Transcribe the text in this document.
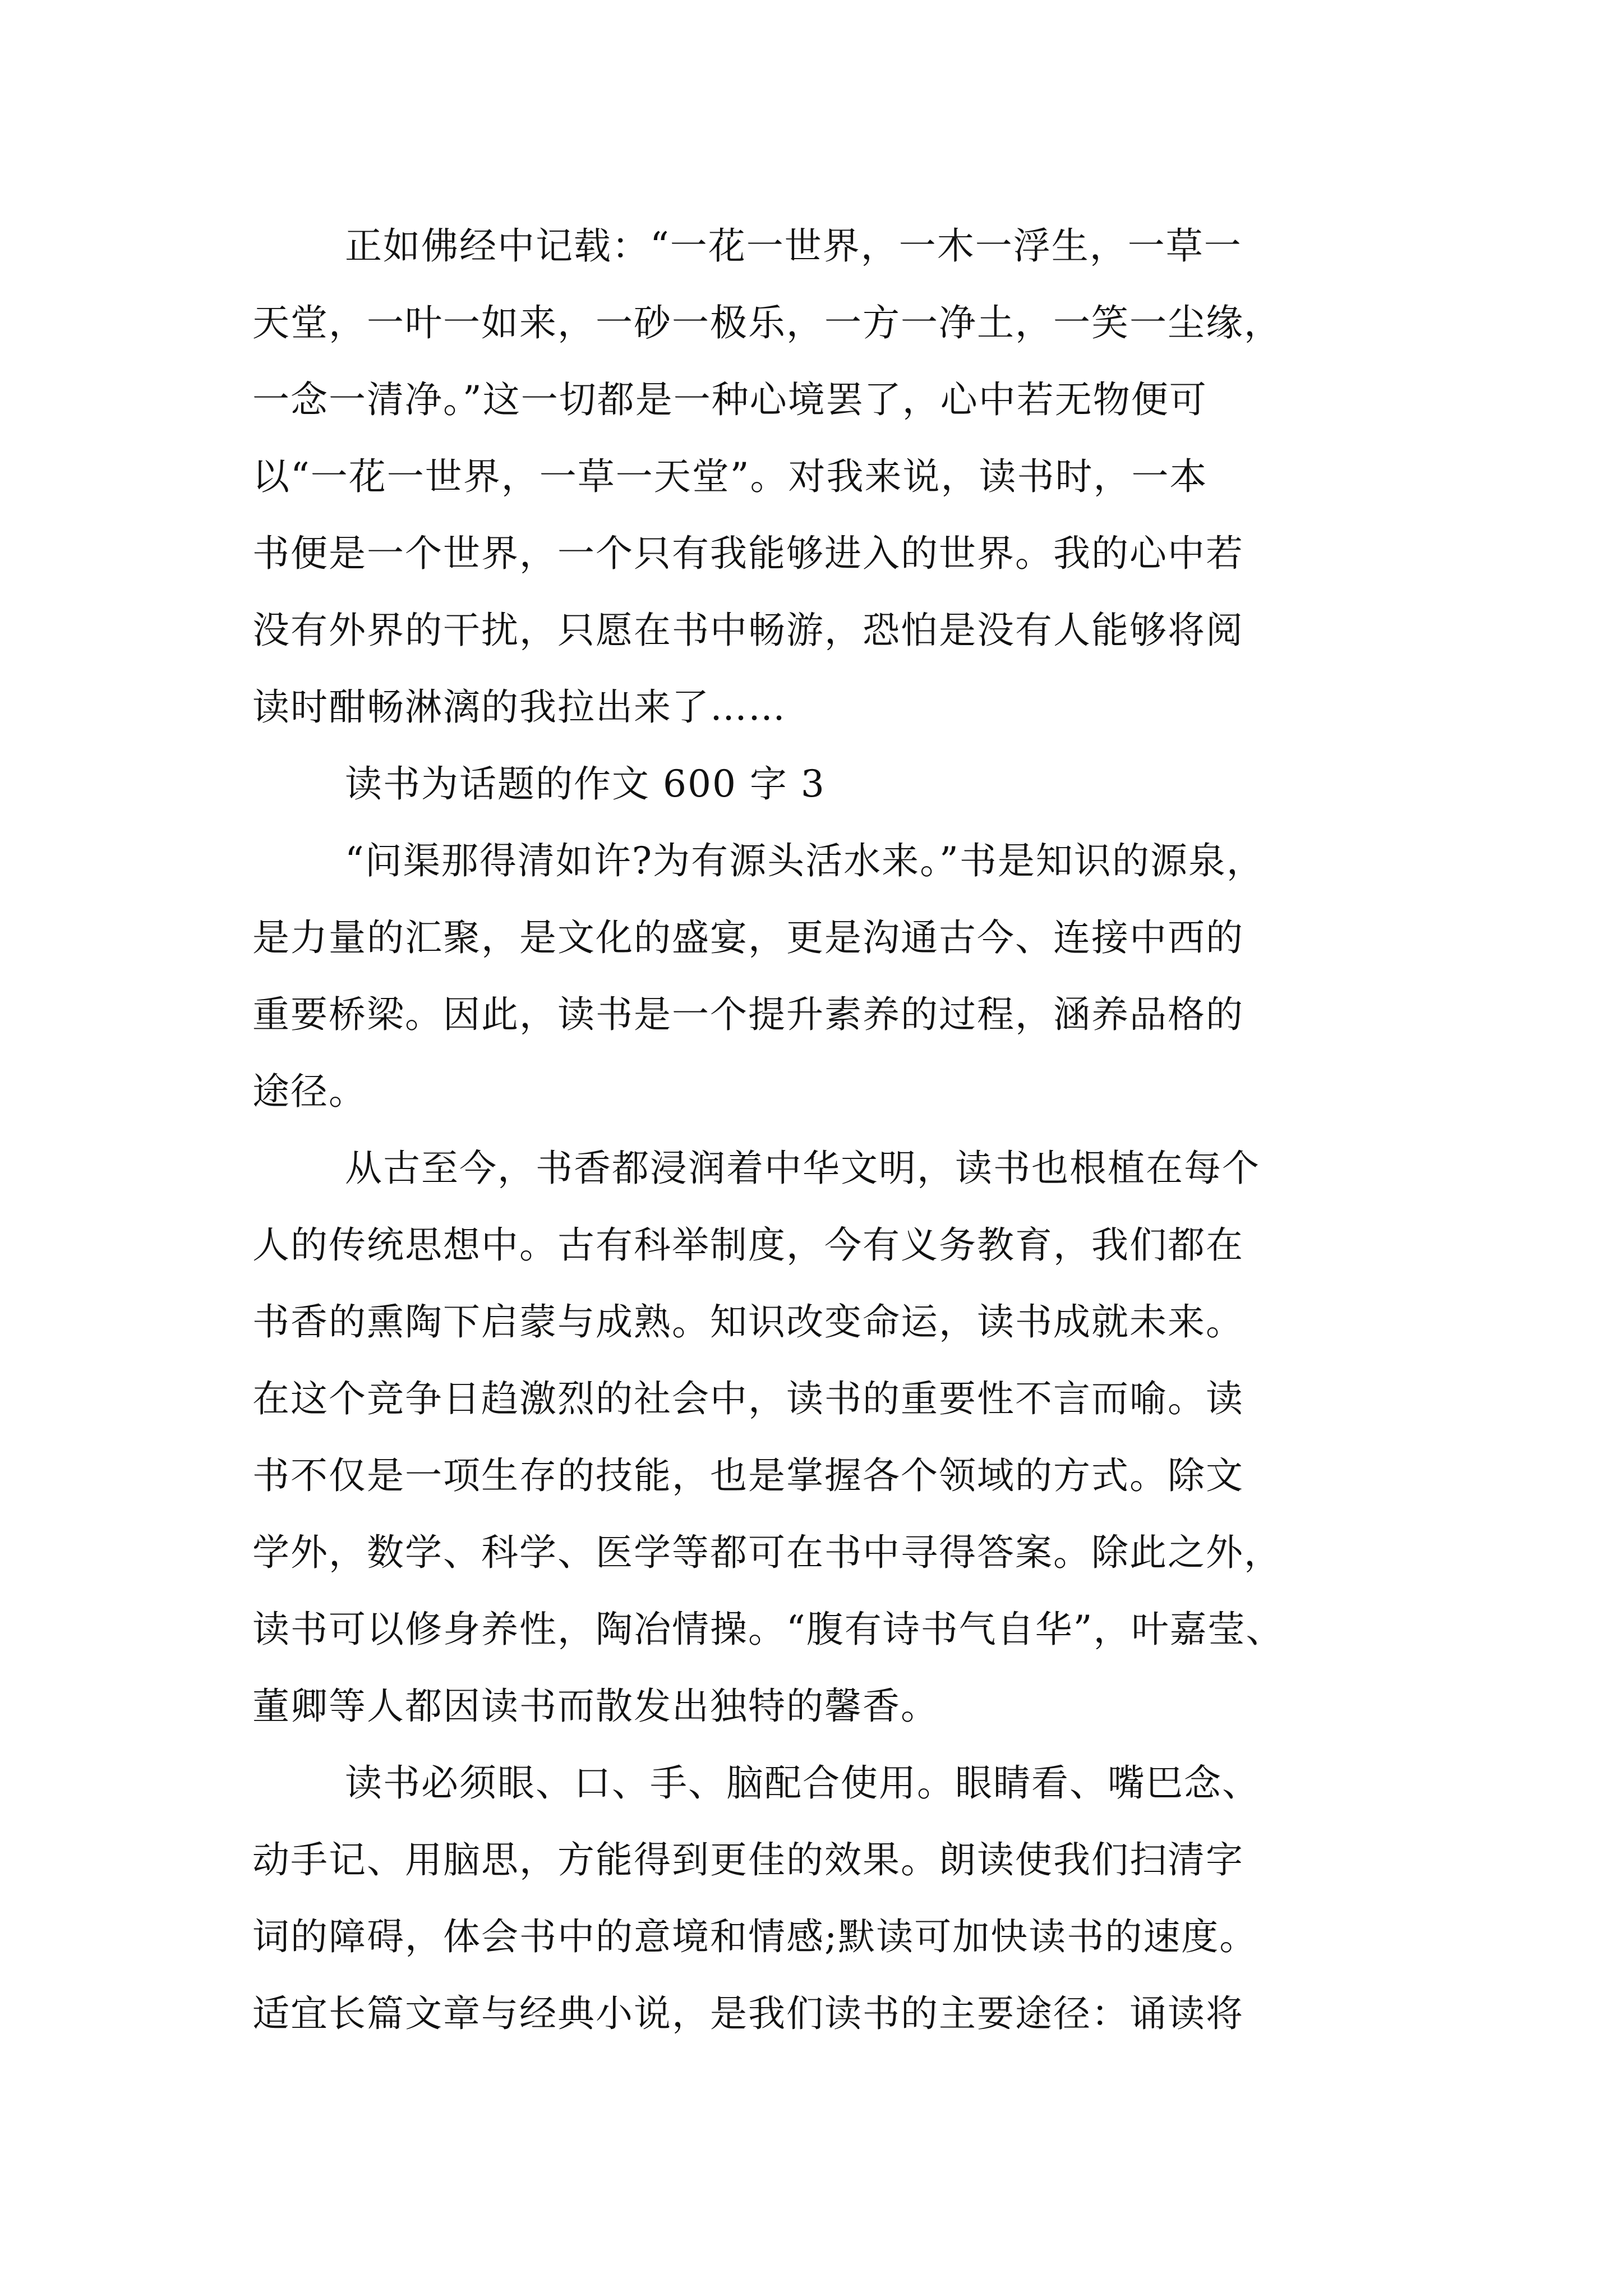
正如佛经中记载：“一花一世界，一木一浮生，一草一
天堂，一叶一如来，一砂一极乐，一方一净土，一笑一尘缘，
一念一清净。”这一切都是一种心境罢了，心中若无物便可
以“一花一世界，一草一天堂”。对我来说，读书时，一本
书便是一个世界，一个只有我能够进入的世界。我的心中若
没有外界的干扰，只愿在书中畅游，恐怕是没有人能够将阅
读时酣畅淋漓的我拉出来了……

读书为话题的作文 600 字 3

“问渠那得清如许?为有源头活水来。”书是知识的源泉，
是力量的汇聚，是文化的盛宴，更是沟通古今、连接中西的
重要桥梁。因此，读书是一个提升素养的过程，涵养品格的
途径。

从古至今，书香都浸润着中华文明，读书也根植在每个
人的传统思想中。古有科举制度，今有义务教育，我们都在
书香的熏陶下启蒙与成熟。知识改变命运，读书成就未来。
在这个竞争日趋激烈的社会中，读书的重要性不言而喻。读
书不仅是一项生存的技能，也是掌握各个领域的方式。除文
学外，数学、科学、医学等都可在书中寻得答案。除此之外，
读书可以修身养性，陶冶情操。“腹有诗书气自华”，叶嘉莹、
董卿等人都因读书而散发出独特的馨香。

读书必须眼、口、手、脑配合使用。眼睛看、嘴巴念、
动手记、用脑思，方能得到更佳的效果。朗读使我们扫清字
词的障碍，体会书中的意境和情感;默读可加快读书的速度。
适宜长篇文章与经典小说，是我们读书的主要途径：诵读将
